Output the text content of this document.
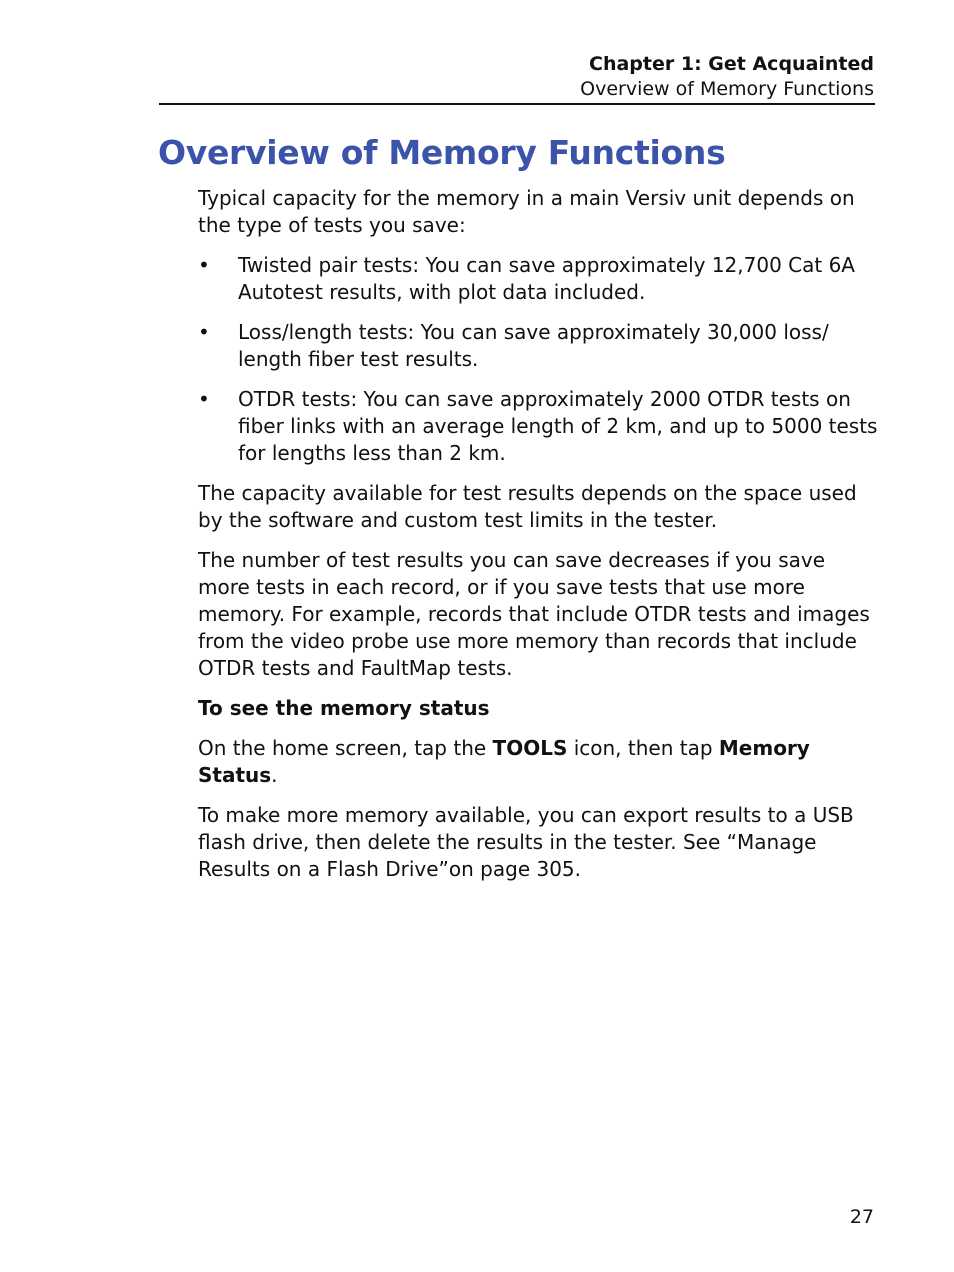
Chapter 1: Get Acquainted
Overview of Memory Functions
Overview of Memory Functions

Typical capacity for the memory in a main Versiv unit depends on the type of tests you save:

•	Twisted pair tests: You can save approximately 12,700 Cat 6A Autotest results, with plot data included.
•	Loss/length tests: You can save approximately 30,000 loss/ length fiber test results.
•	OTDR tests: You can save approximately 2000 OTDR tests on fiber links with an average length of 2 km, and up to 5000 tests for lengths less than 2 km.

The capacity available for test results depends on the space used by the software and custom test limits in the tester.

The number of test results you can save decreases if you save more tests in each record, or if you save tests that use more memory. For example, records that include OTDR tests and images from the video probe use more memory than records that include OTDR tests and FaultMap tests.

To see the memory status

On the home screen, tap the TOOLS icon, then tap Memory Status.

To make more memory available, you can export results to a USB flash drive, then delete the results in the tester. See “Manage Results on a Flash Drive”on page 305.

27
